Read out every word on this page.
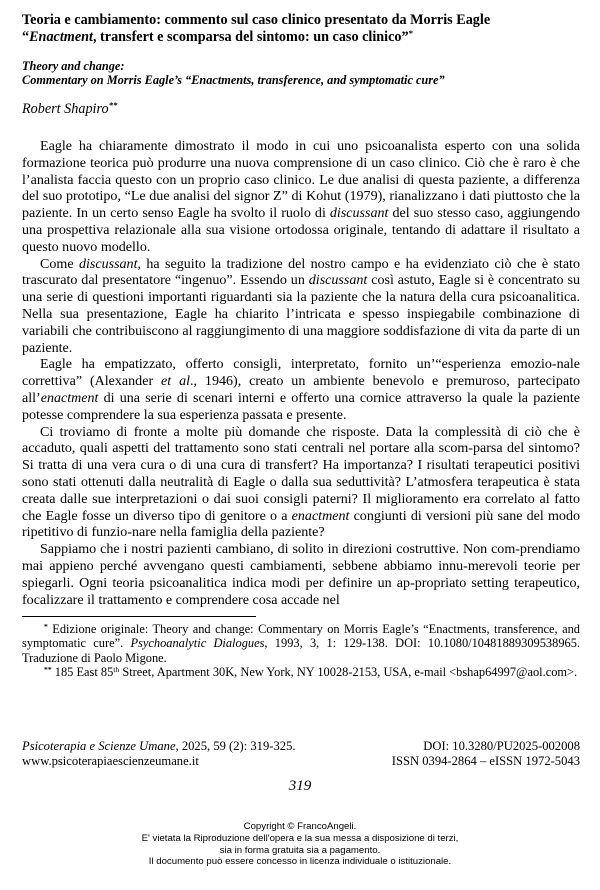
Teoria e cambiamento: commento sul caso clinico presentato da Morris Eagle
“Enactment, transfert e scomparsa del sintomo: un caso clinico”*
Theory and change:
Commentary on Morris Eagle’s “Enactments, transference, and symptomatic cure”
Robert Shapiro**

Eagle ha chiaramente dimostrato il modo in cui uno psicoanalista esperto con una solida formazione teorica può produrre una nuova comprensione di un caso clinico. Ciò che è raro è che l’analista faccia questo con un proprio caso clinico. Le due analisi di questa paziente, a differenza del suo prototipo, “Le due analisi del signor Z” di Kohut (1979), rianalizzano i dati piuttosto che la paziente. In un certo senso Eagle ha svolto il ruolo di discussant del suo stesso caso, aggiungendo una prospettiva relazionale alla sua visione ortodossa originale, tentando di adattare il risultato a questo nuovo modello.

Come discussant, ha seguito la tradizione del nostro campo e ha evidenziato ciò che è stato trascurato dal presentatore “ingenuo”. Essendo un discussant così astuto, Eagle si è concentrato su una serie di questioni importanti riguardanti sia la paziente che la natura della cura psicoanalitica. Nella sua presentazione, Eagle ha chiarito l’intricata e spesso inspiegabile combinazione di variabili che contribuiscono al raggiungimento di una maggiore soddisfazione di vita da parte di un paziente.

Eagle ha empatizzato, offerto consigli, interpretato, fornito un’“esperienza emozio-nale correttiva” (Alexander et al., 1946), creato un ambiente benevolo e premuroso, partecipato all’enactment di una serie di scenari interni e offerto una cornice attraverso la quale la paziente potesse comprendere la sua esperienza passata e presente.

Ci troviamo di fronte a molte più domande che risposte. Data la complessità di ciò che è accaduto, quali aspetti del trattamento sono stati centrali nel portare alla scom-parsa del sintomo? Si tratta di una vera cura o di una cura di transfert? Ha importanza? I risultati terapeutici positivi sono stati ottenuti dalla neutralità di Eagle o dalla sua seduttività? L’atmosfera terapeutica è stata creata dalle sue interpretazioni o dai suoi consigli paterni? Il miglioramento era correlato al fatto che Eagle fosse un diverso tipo di genitore o a enactment congiunti di versioni più sane del modo ripetitivo di funzio-nare nella famiglia della paziente?

Sappiamo che i nostri pazienti cambiano, di solito in direzioni costruttive. Non com-prendiamo mai appieno perché avvengano questi cambiamenti, sebbene abbiamo innu-merevoli teorie per spiegarli. Ogni teoria psicoanalitica indica modi per definire un ap-propriato setting terapeutico, focalizzare il trattamento e comprendere cosa accade nel

* Edizione originale: Theory and change: Commentary on Morris Eagle’s “Enactments, transference, and symptomatic cure”. Psychoanalytic Dialogues, 1993, 3, 1: 129-138. DOI: 10.1080/10481889309538965. Traduzione di Paolo Migone.

** 185 East 85th Street, Apartment 30K, New York, NY 10028-2153, USA, e-mail <bshap64997@aol.com>.

Psicoterapia e Scienze Umane, 2025, 59 (2): 319-325.	DOI: 10.3280/PU2025-002008
www.psicoterapiaescienzeumane.it	ISSN 0394-2864 – eISSN 1972-5043
319
Copyright © FrancoAngeli.
E' vietata la Riproduzione dell'opera e la sua messa a disposizione di terzi,
sia in forma gratuita sia a pagamento.
Il documento può essere concesso in licenza individuale o istituzionale.
